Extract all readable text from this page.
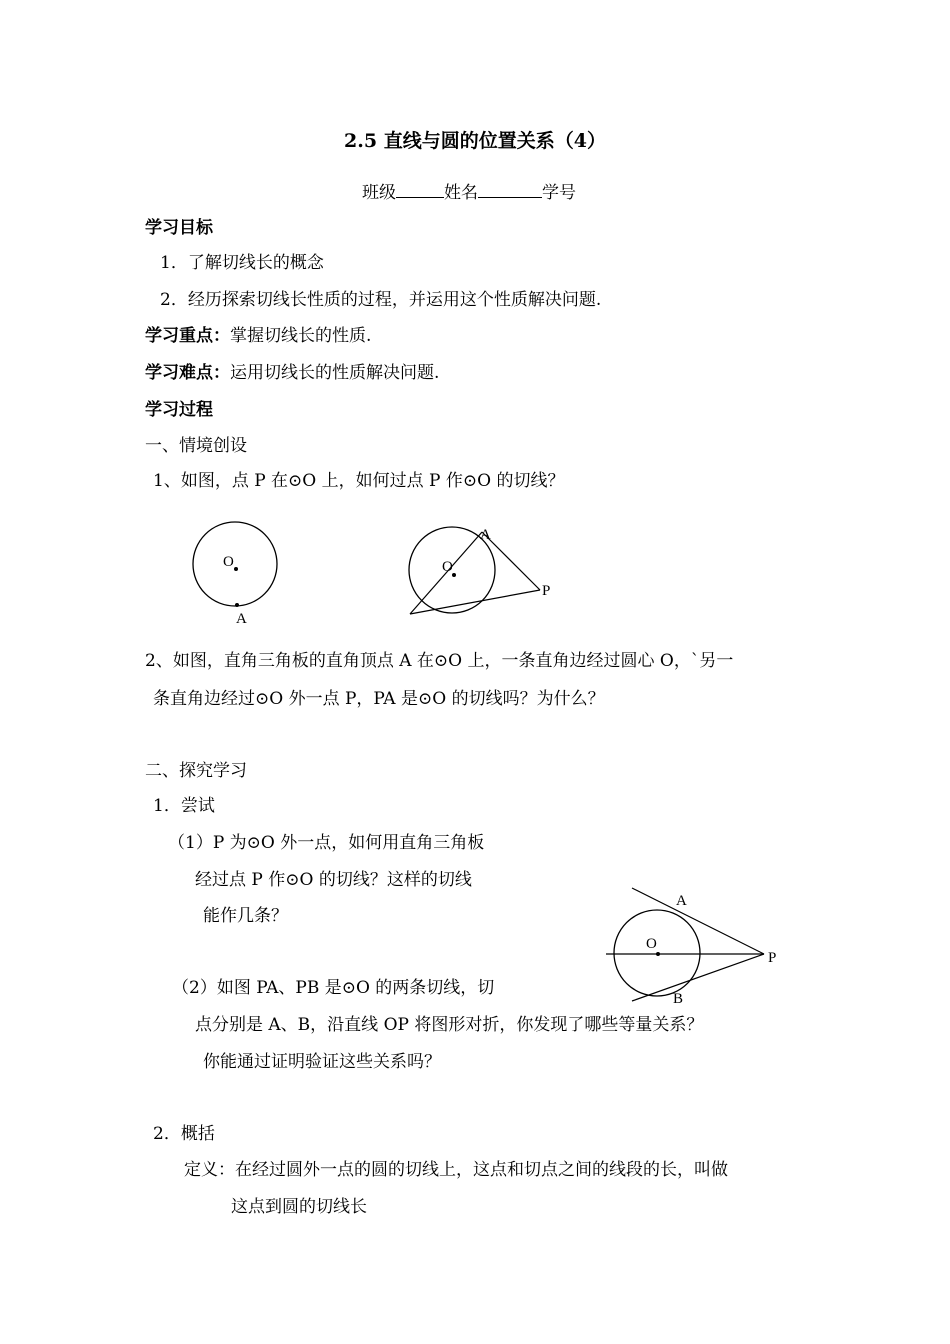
2.5 直线与圆的位置关系（4）
班级	姓名	学号
学习目标
1．了解切线长的概念
2．经历探索切线长性质的过程，并运用这个性质解决问题.
学习重点：掌握切线长的性质.
学习难点：运用切线长的性质解决问题.
学习过程
一、情境创设
1、如图，点 P 在⊙O 上，如何过点 P 作⊙O 的切线？
O
A
O
A
P
2、如图，直角三角板的直角顶点 A 在⊙O 上，一条直角边经过圆心 O，`另一
条直角边经过⊙O 外一点 P，PA 是⊙O 的切线吗？为什么？
二、探究学习
1．尝试
（1）P 为⊙O 外一点，如何用直角三角板
经过点 P 作⊙O 的切线？这样的切线
能作几条？
O
A
B
P
（2）如图 PA、PB 是⊙O 的两条切线，切
点分别是 A、B，沿直线 OP 将图形对折，你发现了哪些等量关系？
你能通过证明验证这些关系吗？
2．概括
定义：在经过圆外一点的圆的切线上，这点和切点之间的线段的长，叫做
这点到圆的切线长
